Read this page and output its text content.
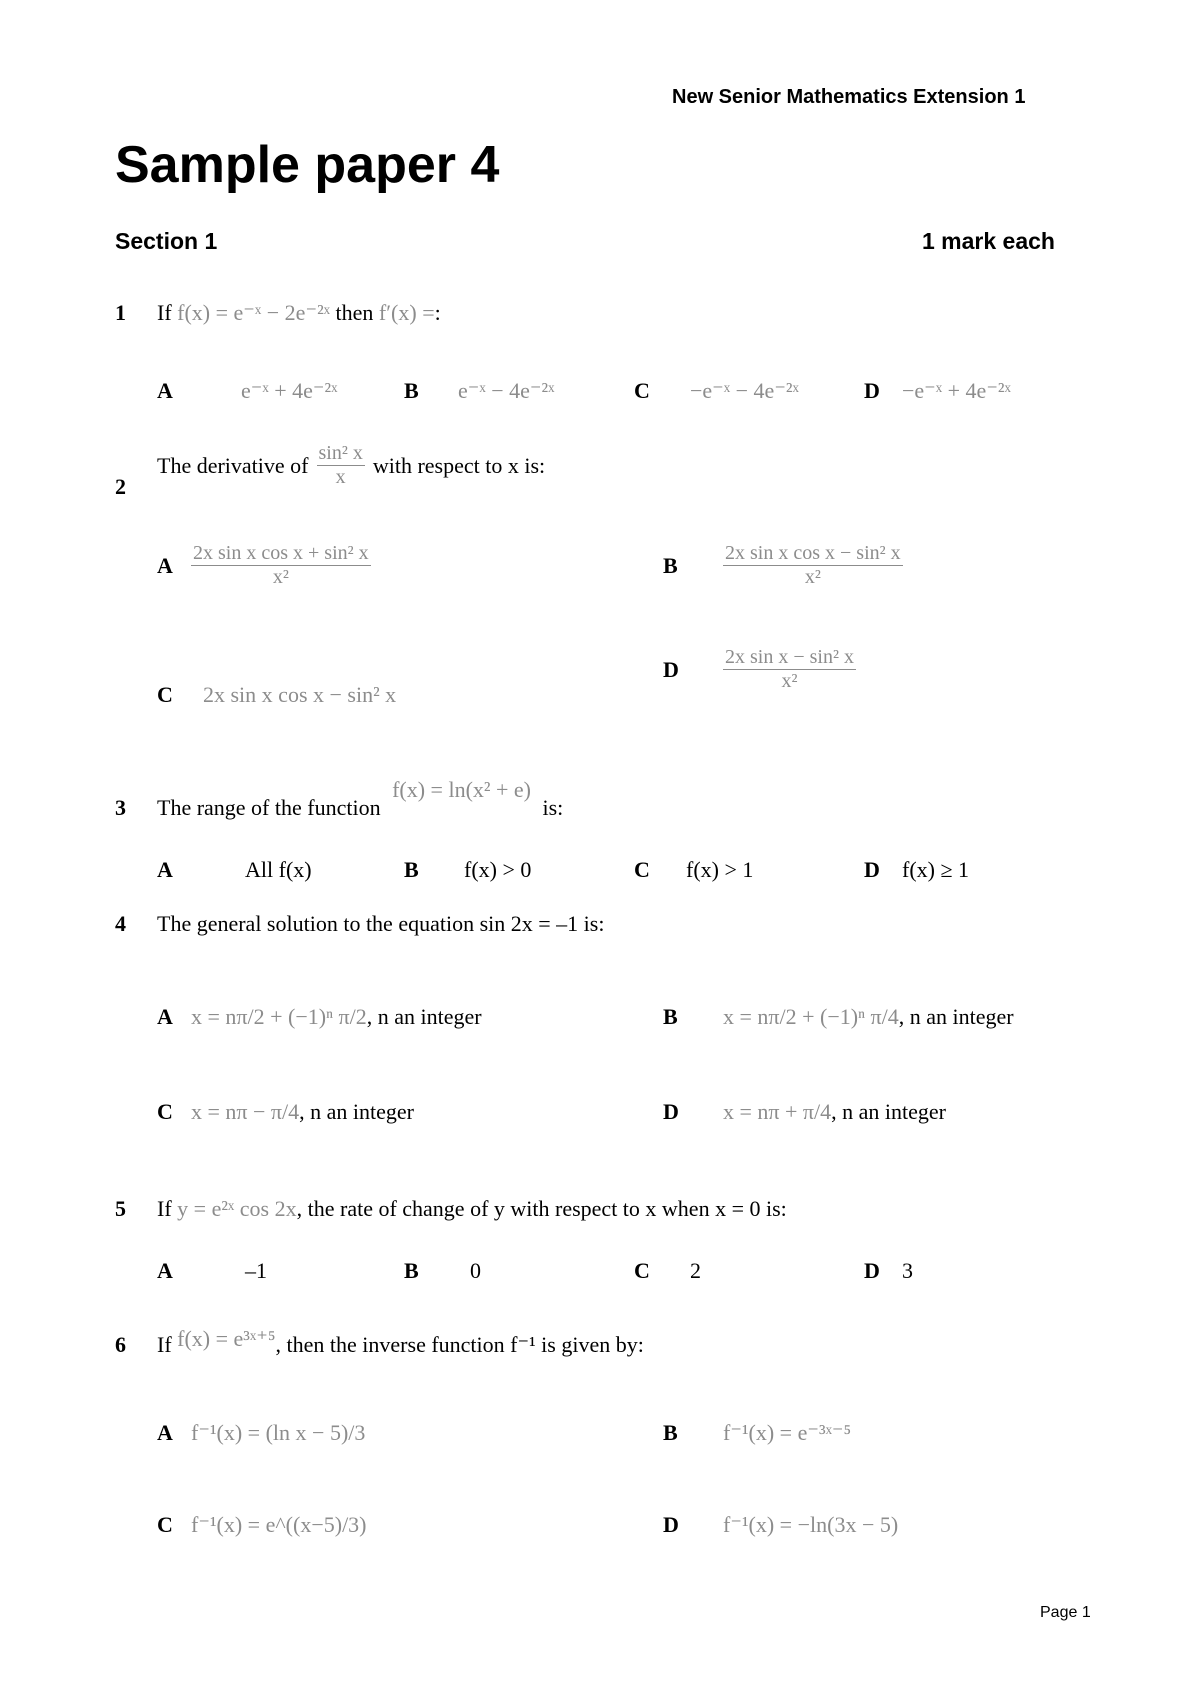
New Senior Mathematics Extension 1
Sample paper 4
Section 1	1 mark each
1	If f(x) = e⁻ˣ − 2e⁻²ˣ then f′(x) =:
A	e⁻ˣ + 4e⁻²ˣ	B e⁻ˣ − 4e⁻²ˣ	C −e⁻ˣ − 4e⁻²ˣ	D −e⁻ˣ + 4e⁻²ˣ
2
The derivative of $\frac{\text{sin² x}}{x}$ with respect to x is:
A $\frac{\text{2x sin x cos x + sin² x}}{\text{x²}}$	B	$\frac{\text{2x sin x cos x − sin² x}}{\text{x²}}$
C 2x sin x cos x − sin² x
D	$\frac{\text{2x sin x − sin² x}}{\text{x²}}$
3	The range of the function f(x) = ln(x² + e) is:
A	All f(x)	B f(x) > 0	C f(x) > 1	D f(x) ≥ 1
4	The general solution to the equation sin 2x = –1 is:
A x = nπ/2 + (−1)ⁿ π/2, n an integer	B x = nπ/2 + (−1)ⁿ π/4, n an integer
C x = nπ − π/4, n an integer	D x = nπ + π/4, n an integer
5	If y = e²ˣ cos 2x, the rate of change of y with respect to x when x = 0 is:
A	–1	B 0	C 2	D 3
6	If f(x) = e³ˣ⁺⁵, then the inverse function f⁻¹ is given by:
A f⁻¹(x) = (ln x − 5)/3	B f⁻¹(x) = e⁻³ˣ⁻⁵
C f⁻¹(x) = e^((x−5)/3)	D f⁻¹(x) = −ln(3x − 5)
Page 1
